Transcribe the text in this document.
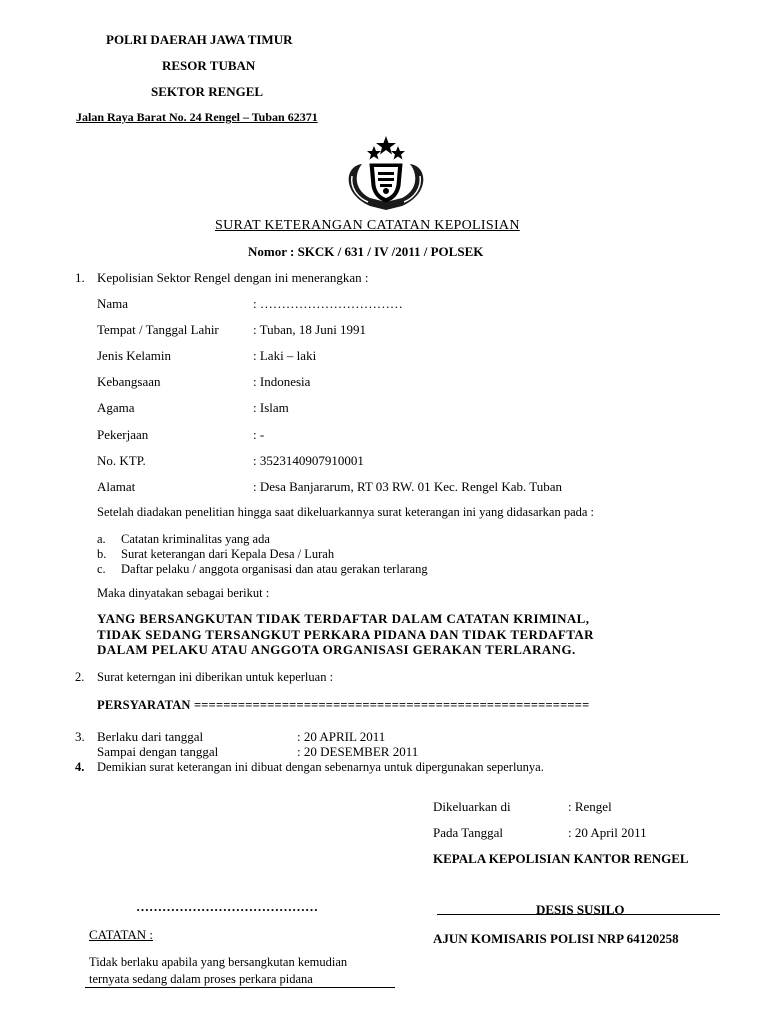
POLRI DAERAH JAWA TIMUR
RESOR TUBAN
SEKTOR RENGEL
Jalan Raya Barat No. 24 Rengel – Tuban 62371
SURAT KETERANGAN CATATAN KEPOLISIAN
Nomor : SKCK / 631 / IV /2011 / POLSEK
1. Kepolisian Sektor Rengel dengan ini menerangkan :
Nama	: ……………………………
Tempat / Tanggal Lahir	: Tuban, 18 Juni 1991
Jenis Kelamin	: Laki – laki
Kebangsaan	: Indonesia
Agama	: Islam
Pekerjaan	: -
No. KTP.	: 3523140907910001
Alamat	: Desa Banjararum, RT 03 RW. 01 Kec. Rengel Kab. Tuban
Setelah diadakan penelitian hingga saat dikeluarkannya surat keterangan ini yang didasarkan pada :
a. Catatan kriminalitas yang ada
b. Surat keterangan dari Kepala Desa / Lurah
c. Daftar pelaku / anggota organisasi dan atau gerakan terlarang
Maka dinyatakan sebagai berikut :
YANG BERSANGKUTAN TIDAK TERDAFTAR DALAM CATATAN KRIMINAL,
TIDAK SEDANG TERSANGKUT PERKARA PIDANA DAN TIDAK TERDAFTAR
DALAM PELAKU ATAU ANGGOTA ORGANISASI GERAKAN TERLARANG.
2. Surat keterngan ini diberikan untuk keperluan :
PERSYARATAN ======================================================
3. Berlaku dari tanggal	: 20 APRIL 2011
Sampai dengan tanggal	: 20 DESEMBER 2011
4. Demikian surat keterangan ini dibuat dengan sebenarnya untuk dipergunakan seperlunya.
Dikeluarkan di	: Rengel
Pada Tanggal	: 20 April 2011
KEPALA KEPOLISIAN KANTOR RENGEL
……………………………………	DESIS SUSILO
AJUN KOMISARIS POLISI NRP 64120258
CATATAN :
Tidak berlaku apabila yang bersangkutan kemudian
ternyata sedang dalam proses perkara pidana
